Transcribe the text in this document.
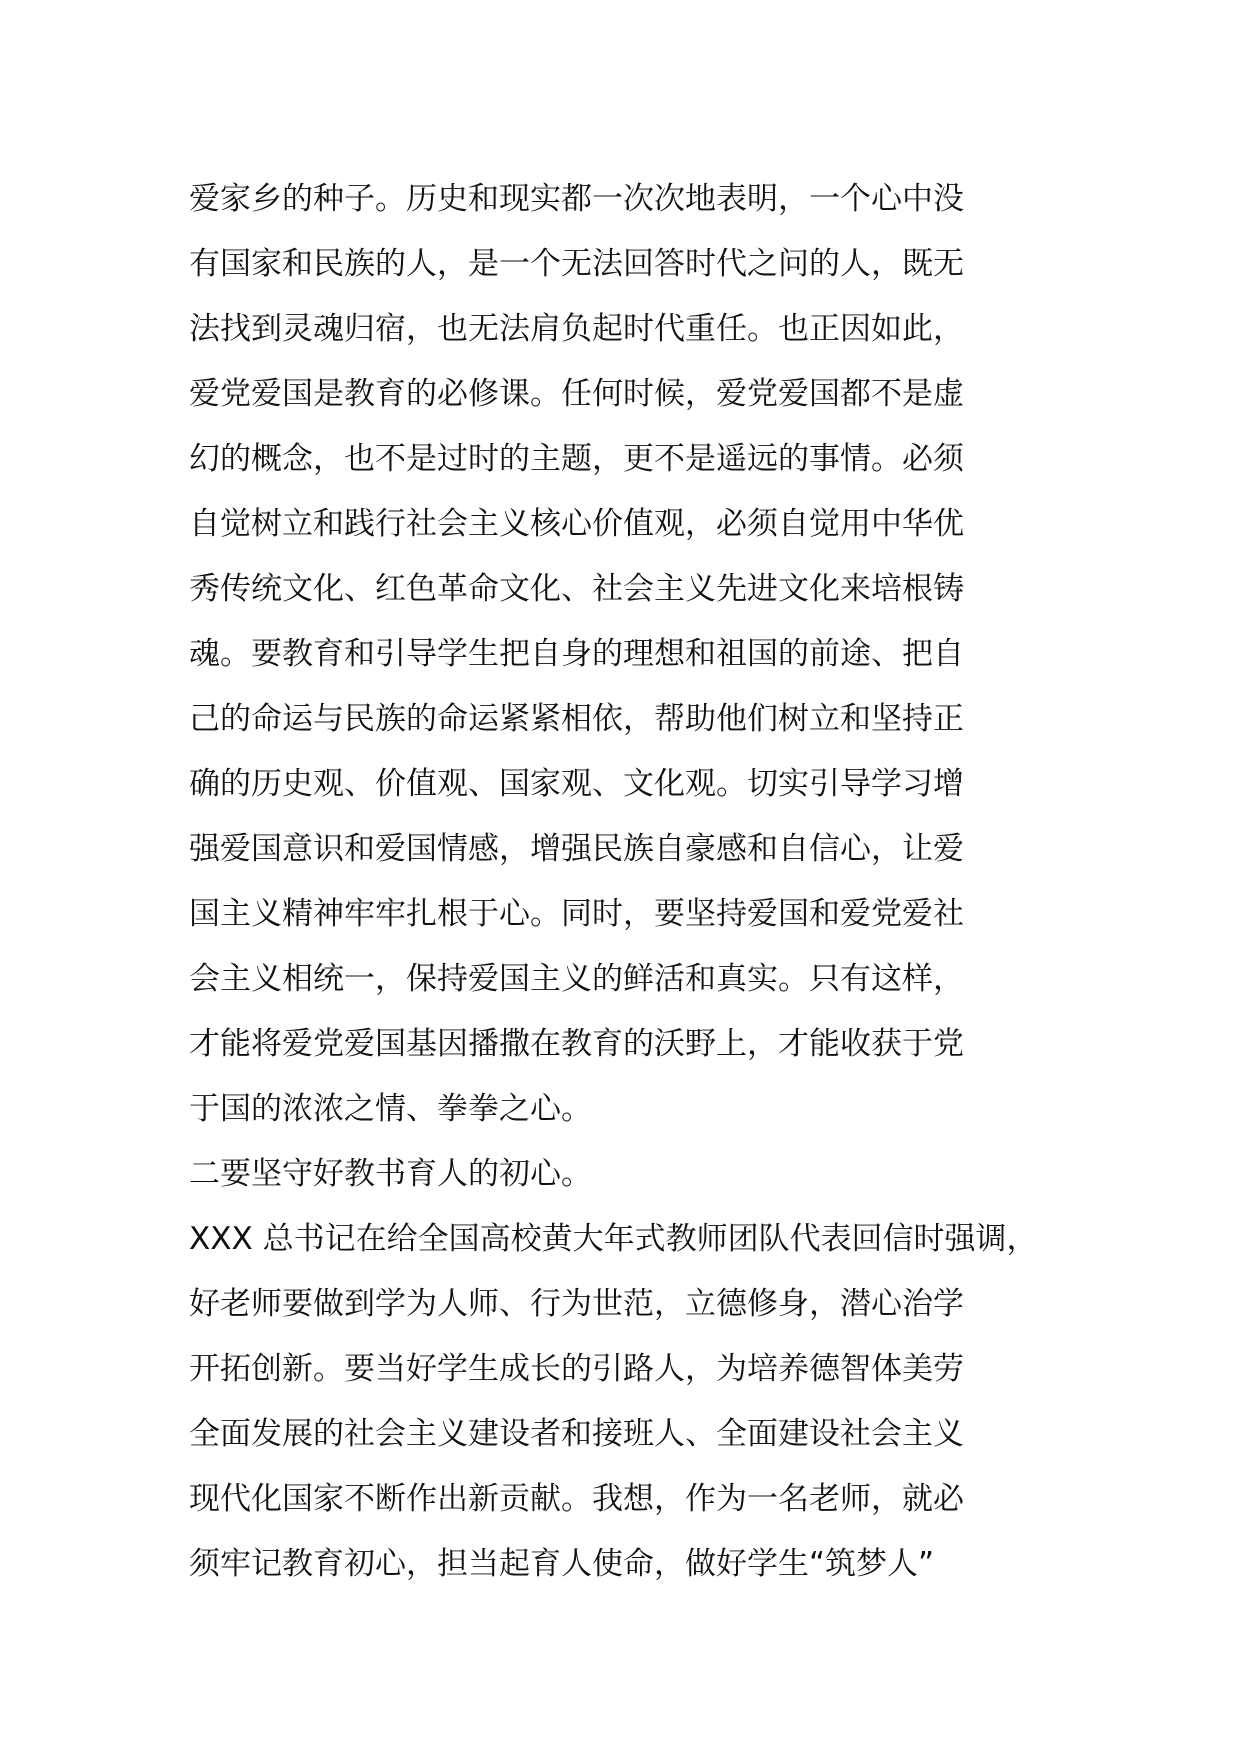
爱家乡的种子。历史和现实都一次次地表明，一个心中没
有国家和民族的人，是一个无法回答时代之问的人，既无
法找到灵魂归宿，也无法肩负起时代重任。也正因如此，
爱党爱国是教育的必修课。任何时候，爱党爱国都不是虚
幻的概念，也不是过时的主题，更不是遥远的事情。必须
自觉树立和践行社会主义核心价值观，必须自觉用中华优
秀传统文化、红色革命文化、社会主义先进文化来培根铸
魂。要教育和引导学生把自身的理想和祖国的前途、把自
己的命运与民族的命运紧紧相依，帮助他们树立和坚持正
确的历史观、价值观、国家观、文化观。切实引导学习增
强爱国意识和爱国情感，增强民族自豪感和自信心，让爱
国主义精神牢牢扎根于心。同时，要坚持爱国和爱党爱社
会主义相统一，保持爱国主义的鲜活和真实。只有这样，
才能将爱党爱国基因播撒在教育的沃野上，才能收获于党
于国的浓浓之情、拳拳之心。
二要坚守好教书育人的初心。
XXX 总书记在给全国高校黄大年式教师团队代表回信时强调，
好老师要做到学为人师、行为世范，立德修身，潜心治学
开拓创新。要当好学生成长的引路人，为培养德智体美劳
全面发展的社会主义建设者和接班人、全面建设社会主义
现代化国家不断作出新贡献。我想，作为一名老师，就必
须牢记教育初心，担当起育人使命，做好学生“筑梦人”
